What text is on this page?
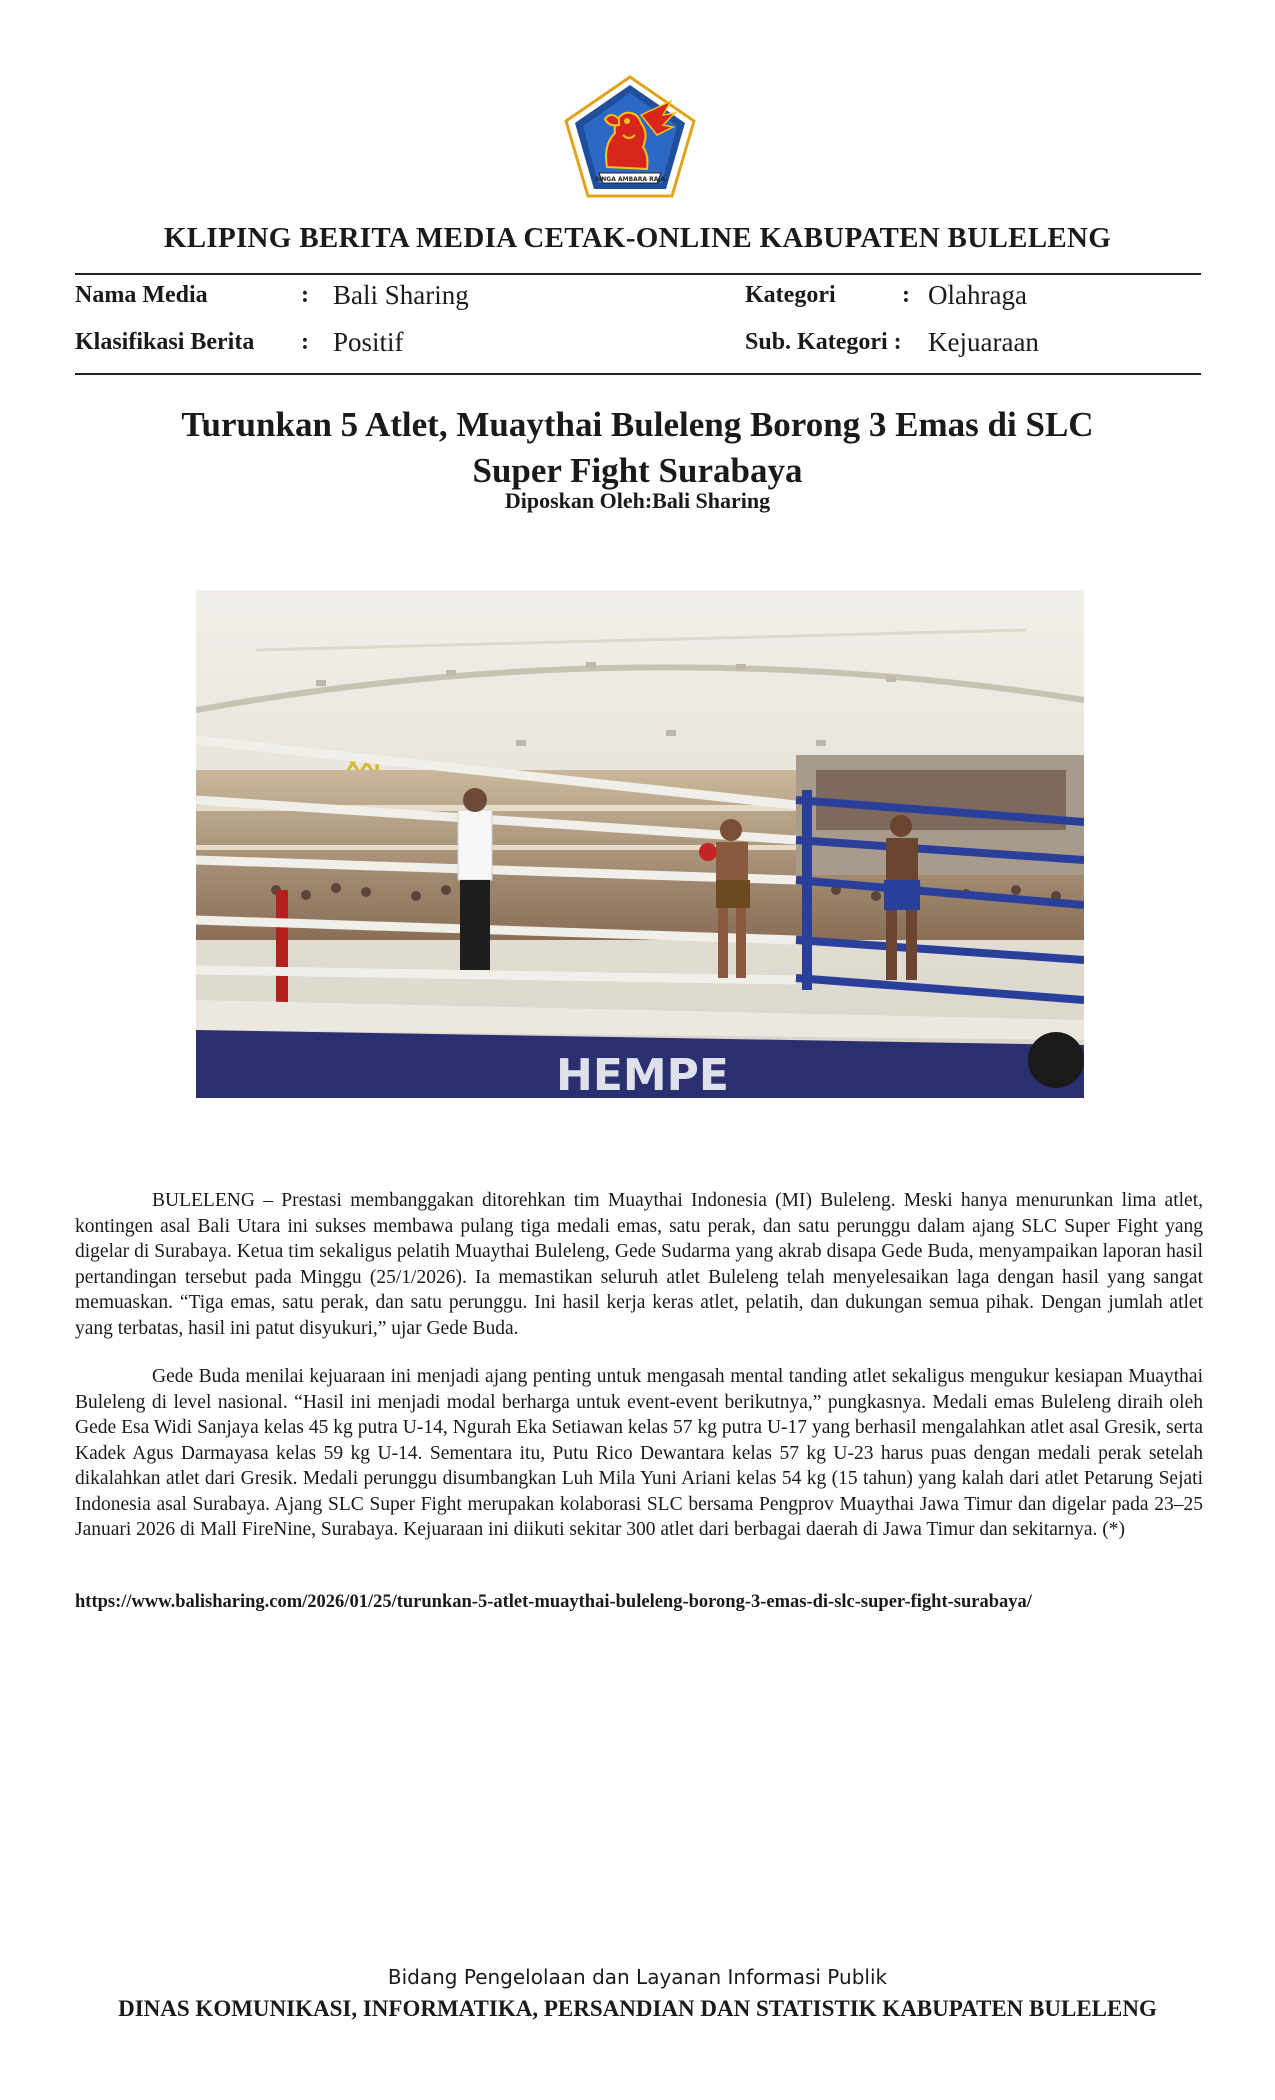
SINGA AMBARA RAJA
KLIPING BERITA MEDIA CETAK-ONLINE KABUPATEN BULELENG
Nama Media	: Bali Sharing	Kategori	: Olahraga
Klasifikasi Berita : Positif	Sub. Kategori : Kejuaraan
Turunkan 5 Atlet, Muaythai Buleleng Borong 3 Emas di SLC
Super Fight Surabaya
Diposkan Oleh:Bali Sharing
XXI
HEMPE

BULELENG – Prestasi membanggakan ditorehkan tim Muaythai Indonesia (MI) Buleleng. Meski hanya menurunkan lima atlet, kontingen asal Bali Utara ini sukses membawa pulang tiga medali emas, satu perak, dan satu perunggu dalam ajang SLC Super Fight yang digelar di Surabaya. Ketua tim sekaligus pelatih Muaythai Buleleng, Gede Sudarma yang akrab disapa Gede Buda, menyampaikan laporan hasil pertandingan tersebut pada Minggu (25/1/2026). Ia memastikan seluruh atlet Buleleng telah menyelesaikan laga dengan hasil yang sangat memuaskan. “Tiga emas, satu perak, dan satu perunggu. Ini hasil kerja keras atlet, pelatih, dan dukungan semua pihak. Dengan jumlah atlet yang terbatas, hasil ini patut disyukuri,” ujar Gede Buda.

Gede Buda menilai kejuaraan ini menjadi ajang penting untuk mengasah mental tanding atlet sekaligus mengukur kesiapan Muaythai Buleleng di level nasional. “Hasil ini menjadi modal berharga untuk event-event berikutnya,” pungkasnya. Medali emas Buleleng diraih oleh Gede Esa Widi Sanjaya kelas 45 kg putra U-14, Ngurah Eka Setiawan kelas 57 kg putra U-17 yang berhasil mengalahkan atlet asal Gresik, serta Kadek Agus Darmayasa kelas 59 kg U-14. Sementara itu, Putu Rico Dewantara kelas 57 kg U-23 harus puas dengan medali perak setelah dikalahkan atlet dari Gresik. Medali perunggu disumbangkan Luh Mila Yuni Ariani kelas 54 kg (15 tahun) yang kalah dari atlet Petarung Sejati Indonesia asal Surabaya. Ajang SLC Super Fight merupakan kolaborasi SLC bersama Pengprov Muaythai Jawa Timur dan digelar pada 23–25 Januari 2026 di Mall FireNine, Surabaya. Kejuaraan ini diikuti sekitar 300 atlet dari berbagai daerah di Jawa Timur dan sekitarnya. (*)

https://www.balisharing.com/2026/01/25/turunkan-5-atlet-muaythai-buleleng-borong-3-emas-di-slc-super-fight-surabaya/
Bidang Pengelolaan dan Layanan Informasi Publik
DINAS KOMUNIKASI, INFORMATIKA, PERSANDIAN DAN STATISTIK KABUPATEN BULELENG
